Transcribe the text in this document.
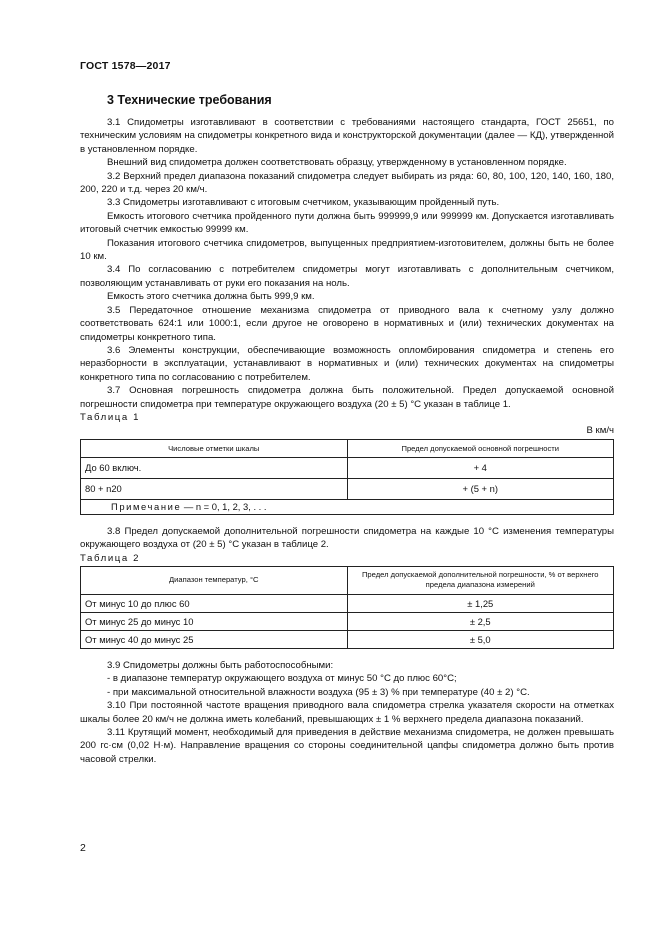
ГОСТ 1578—2017
3 Технические требования

3.1 Спидометры изготавливают в соответствии с требованиями настоящего стандарта, ГОСТ 25651, по техническим условиям на спидометры конкретного вида и конструкторской документации (далее — КД), утвержденной в установленном порядке.

Внешний вид спидометра должен соответствовать образцу, утвержденному в установленном порядке.

3.2 Верхний предел диапазона показаний спидометра следует выбирать из ряда: 60, 80, 100, 120, 140, 160, 180, 200, 220 и т.д. через 20 км/ч.

3.3 Спидометры изготавливают с итоговым счетчиком, указывающим пройденный путь.

Емкость итогового счетчика пройденного пути должна быть 999999,9 или 999999 км. Допускается изготавливать итоговый счетчик емкостью 99999 км.

Показания итогового счетчика спидометров, выпущенных предприятием-изготовителем, должны быть не более 10 км.

3.4 По согласованию с потребителем спидометры могут изготавливать с дополнительным счетчиком, позволяющим устанавливать от руки его показания на ноль.

Емкость этого счетчика должна быть 999,9 км.

3.5 Передаточное отношение механизма спидометра от приводного вала к счетному узлу должно соответствовать 624:1 или 1000:1, если другое не оговорено в нормативных и (или) технических документах на спидометры конкретного типа.

3.6 Элементы конструкции, обеспечивающие возможность опломбирования спидометра и степень его неразборности в эксплуатации, устанавливают в нормативных и (или) технических документах на спидометры конкретного типа по согласованию с потребителем.

3.7 Основная погрешность спидометра должна быть положительной. Предел допускаемой основной погрешности спидометра при температуре окружающего воздуха (20 ± 5) °С указан в таблице 1.

Таблица 1

В км/ч

Числовые отметки шкалы	Предел допускаемой основной погрешности
До 60 включ.	+ 4
80 + n20	+ (5 + n)
Примечание — n = 0, 1, 2, 3, . . .	

3.8 Предел допускаемой дополнительной погрешности спидометра на каждые 10 °С изменения температуры окружающего воздуха от (20 ± 5) °С указан в таблице 2.

Таблица 2

Диапазон температур, °С	Предел допускаемой дополнительной погрешности, % от верхнего предела диапазона измерений
От минус 10 до плюс 60	± 1,25
От минус 25 до минус 10	± 2,5
От минус 40 до минус 25	± 5,0

3.9 Спидометры должны быть работоспособными:

- в диапазоне температур окружающего воздуха от минус 50 °С до плюс 60°С;

- при максимальной относительной влажности воздуха (95 ± 3) % при температуре (40 ± 2) °С.

3.10 При постоянной частоте вращения приводного вала спидометра стрелка указателя скорости на отметках шкалы более 20 км/ч не должна иметь колебаний, превышающих ± 1 % верхнего предела диапазона показаний.

3.11 Крутящий момент, необходимый для приведения в действие механизма спидометра, не должен превышать 200 гс·см (0,02 Н·м). Направление вращения со стороны соединительной цапфы спидометра должно быть против часовой стрелки.

2
